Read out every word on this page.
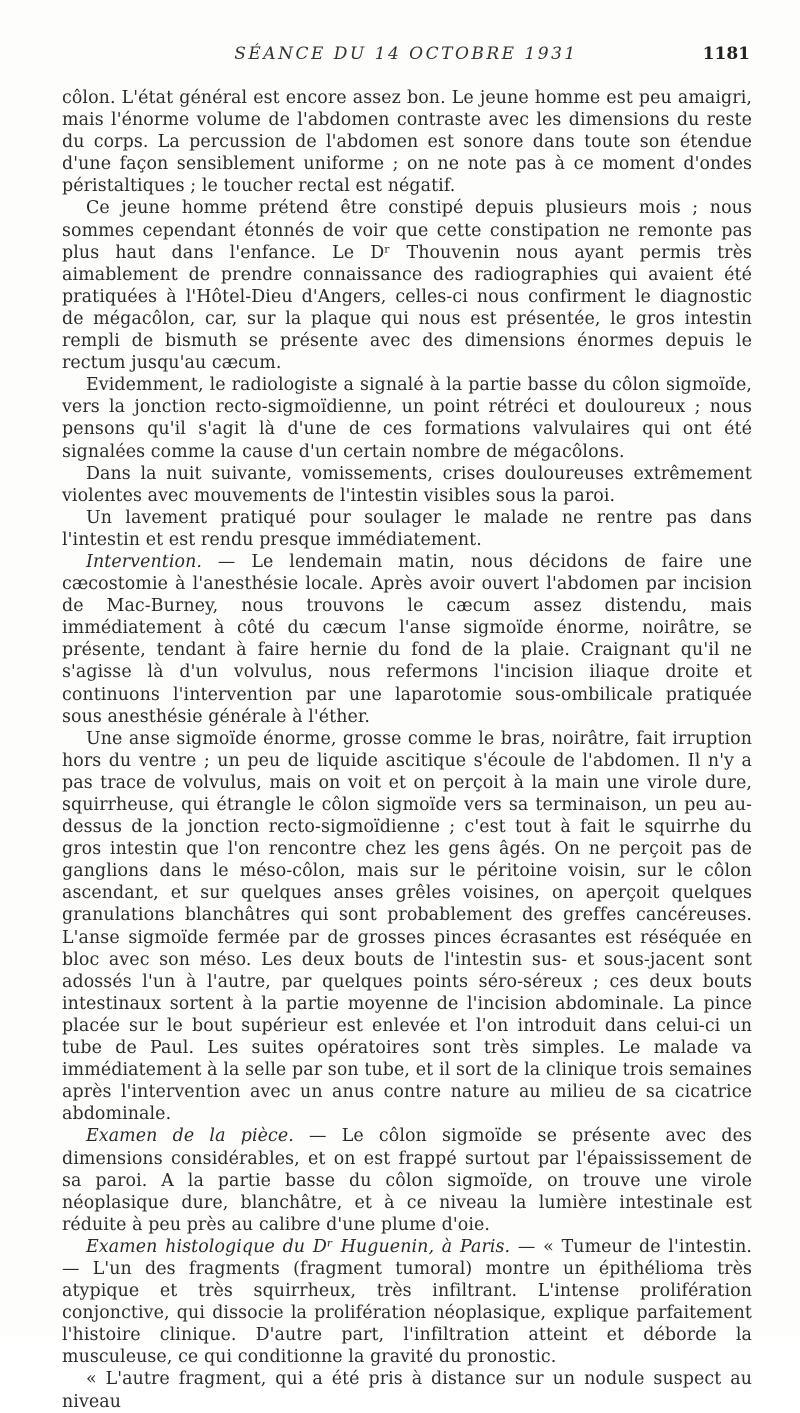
SÉANCE DU 14 OCTOBRE 1931	1181

côlon. L'état général est encore assez bon. Le jeune homme est peu amaigri, mais l'énorme volume de l'abdomen contraste avec les dimensions du reste du corps. La percussion de l'abdomen est sonore dans toute son étendue d'une façon sensiblement uniforme ; on ne note pas à ce moment d'ondes péristaltiques ; le toucher rectal est négatif.

Ce jeune homme prétend être constipé depuis plusieurs mois ; nous sommes cependant étonnés de voir que cette constipation ne remonte pas plus haut dans l'enfance. Le Dʳ Thouvenin nous ayant permis très aimablement de prendre connaissance des radiographies qui avaient été pratiquées à l'Hôtel-Dieu d'Angers, celles-ci nous confirment le diagnostic de mégacôlon, car, sur la plaque qui nous est présentée, le gros intestin rempli de bismuth se présente avec des dimensions énormes depuis le rectum jusqu'au cæcum.

Evidemment, le radiologiste a signalé à la partie basse du côlon sigmoïde, vers la jonction recto-sigmoïdienne, un point rétréci et douloureux ; nous pensons qu'il s'agit là d'une de ces formations valvulaires qui ont été signalées comme la cause d'un certain nombre de mégacôlons.

Dans la nuit suivante, vomissements, crises douloureuses extrêmement violentes avec mouvements de l'intestin visibles sous la paroi.

Un lavement pratiqué pour soulager le malade ne rentre pas dans l'intestin et est rendu presque immédiatement.

Intervention. — Le lendemain matin, nous décidons de faire une cæcostomie à l'anesthésie locale. Après avoir ouvert l'abdomen par incision de Mac-Burney, nous trouvons le cæcum assez distendu, mais immédiatement à côté du cæcum l'anse sigmoïde énorme, noirâtre, se présente, tendant à faire hernie du fond de la plaie. Craignant qu'il ne s'agisse là d'un volvulus, nous refermons l'incision iliaque droite et continuons l'intervention par une laparotomie sous-ombilicale pratiquée sous anesthésie générale à l'éther.

Une anse sigmoïde énorme, grosse comme le bras, noirâtre, fait irruption hors du ventre ; un peu de liquide ascitique s'écoule de l'abdomen. Il n'y a pas trace de volvulus, mais on voit et on perçoit à la main une virole dure, squirrheuse, qui étrangle le côlon sigmoïde vers sa terminaison, un peu au-dessus de la jonction recto-sigmoïdienne ; c'est tout à fait le squirrhe du gros intestin que l'on rencontre chez les gens âgés. On ne perçoit pas de ganglions dans le méso-côlon, mais sur le péritoine voisin, sur le côlon ascendant, et sur quelques anses grêles voisines, on aperçoit quelques granulations blanchâtres qui sont probablement des greffes cancéreuses. L'anse sigmoïde fermée par de grosses pinces écrasantes est réséquée en bloc avec son méso. Les deux bouts de l'intestin sus- et sous-jacent sont adossés l'un à l'autre, par quelques points séro-séreux ; ces deux bouts intestinaux sortent à la partie moyenne de l'incision abdominale. La pince placée sur le bout supérieur est enlevée et l'on introduit dans celui-ci un tube de Paul. Les suites opératoires sont très simples. Le malade va immédiatement à la selle par son tube, et il sort de la clinique trois semaines après l'intervention avec un anus contre nature au milieu de sa cicatrice abdominale.

Examen de la pièce. — Le côlon sigmoïde se présente avec des dimensions considérables, et on est frappé surtout par l'épaississement de sa paroi. A la partie basse du côlon sigmoïde, on trouve une virole néoplasique dure, blanchâtre, et à ce niveau la lumière intestinale est réduite à peu près au calibre d'une plume d'oie.

Examen histologique du Dʳ Huguenin, à Paris. — « Tumeur de l'intestin. — L'un des fragments (fragment tumoral) montre un épithélioma très atypique et très squirrheux, très infiltrant. L'intense prolifération conjonctive, qui dissocie la prolifération néoplasique, explique parfaitement l'histoire clinique. D'autre part, l'infiltration atteint et déborde la musculeuse, ce qui conditionne la gravité du pronostic.

« L'autre fragment, qui a été pris à distance sur un nodule suspect au niveau
